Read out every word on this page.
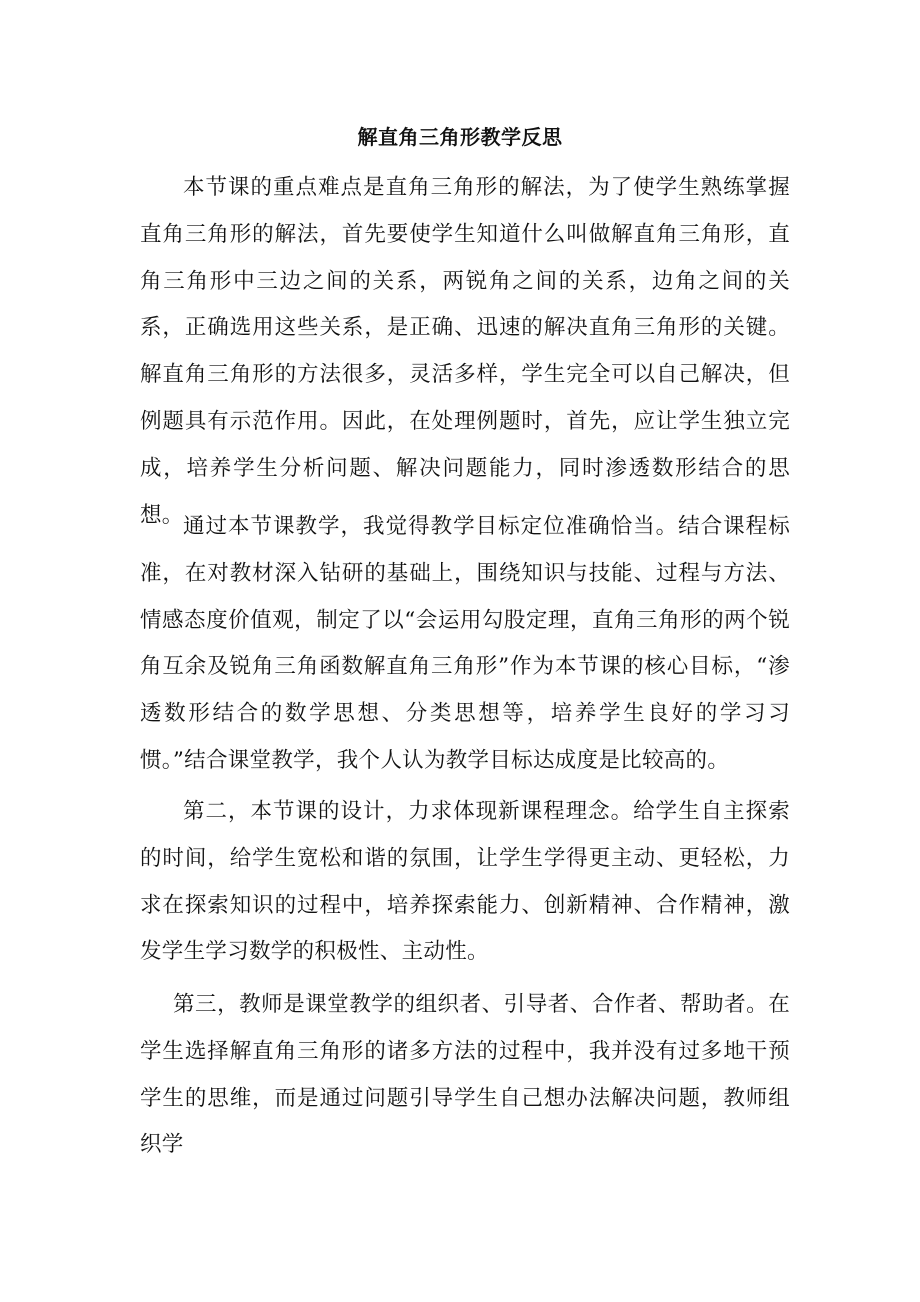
解直角三角形教学反思

本节课的重点难点是直角三角形的解法，为了使学生熟练掌握直角三角形的解法，首先要使学生知道什么叫做解直角三角形，直角三角形中三边之间的关系，两锐角之间的关系，边角之间的关系，正确选用这些关系，是正确、迅速的解决直角三角形的关键。解直角三角形的方法很多，灵活多样，学生完全可以自己解决，但例题具有示范作用。因此，在处理例题时，首先，应让学生独立完成，培养学生分析问题、解决问题能力，同时渗透数形结合的思想。 通过本节课教学，我觉得教学目标定位准确恰当。结合课程标准，在对教材深入钻研的基础上，围绕知识与技能、过程与方法、情感态度价值观，制定了以“会运用勾股定理，直角三角形的两个锐角互余及锐角三角函数解直角三角形”作为本节课的核心目标，“渗透数形结合的数学思想、分类思想等，培养学生良好的学习习惯。”结合课堂教学，我个人认为教学目标达成度是比较高的。

第二，本节课的设计，力求体现新课程理念。给学生自主探索的时间，给学生宽松和谐的氛围，让学生学得更主动、更轻松，力求在探索知识的过程中，培养探索能力、创新精神、合作精神，激发学生学习数学的积极性、主动性。

第三，教师是课堂教学的组织者、引导者、合作者、帮助者。在学生选择解直角三角形的诸多方法的过程中，我并没有过多地干预学生的思维，而是通过问题引导学生自己想办法解决问题，教师组织学
